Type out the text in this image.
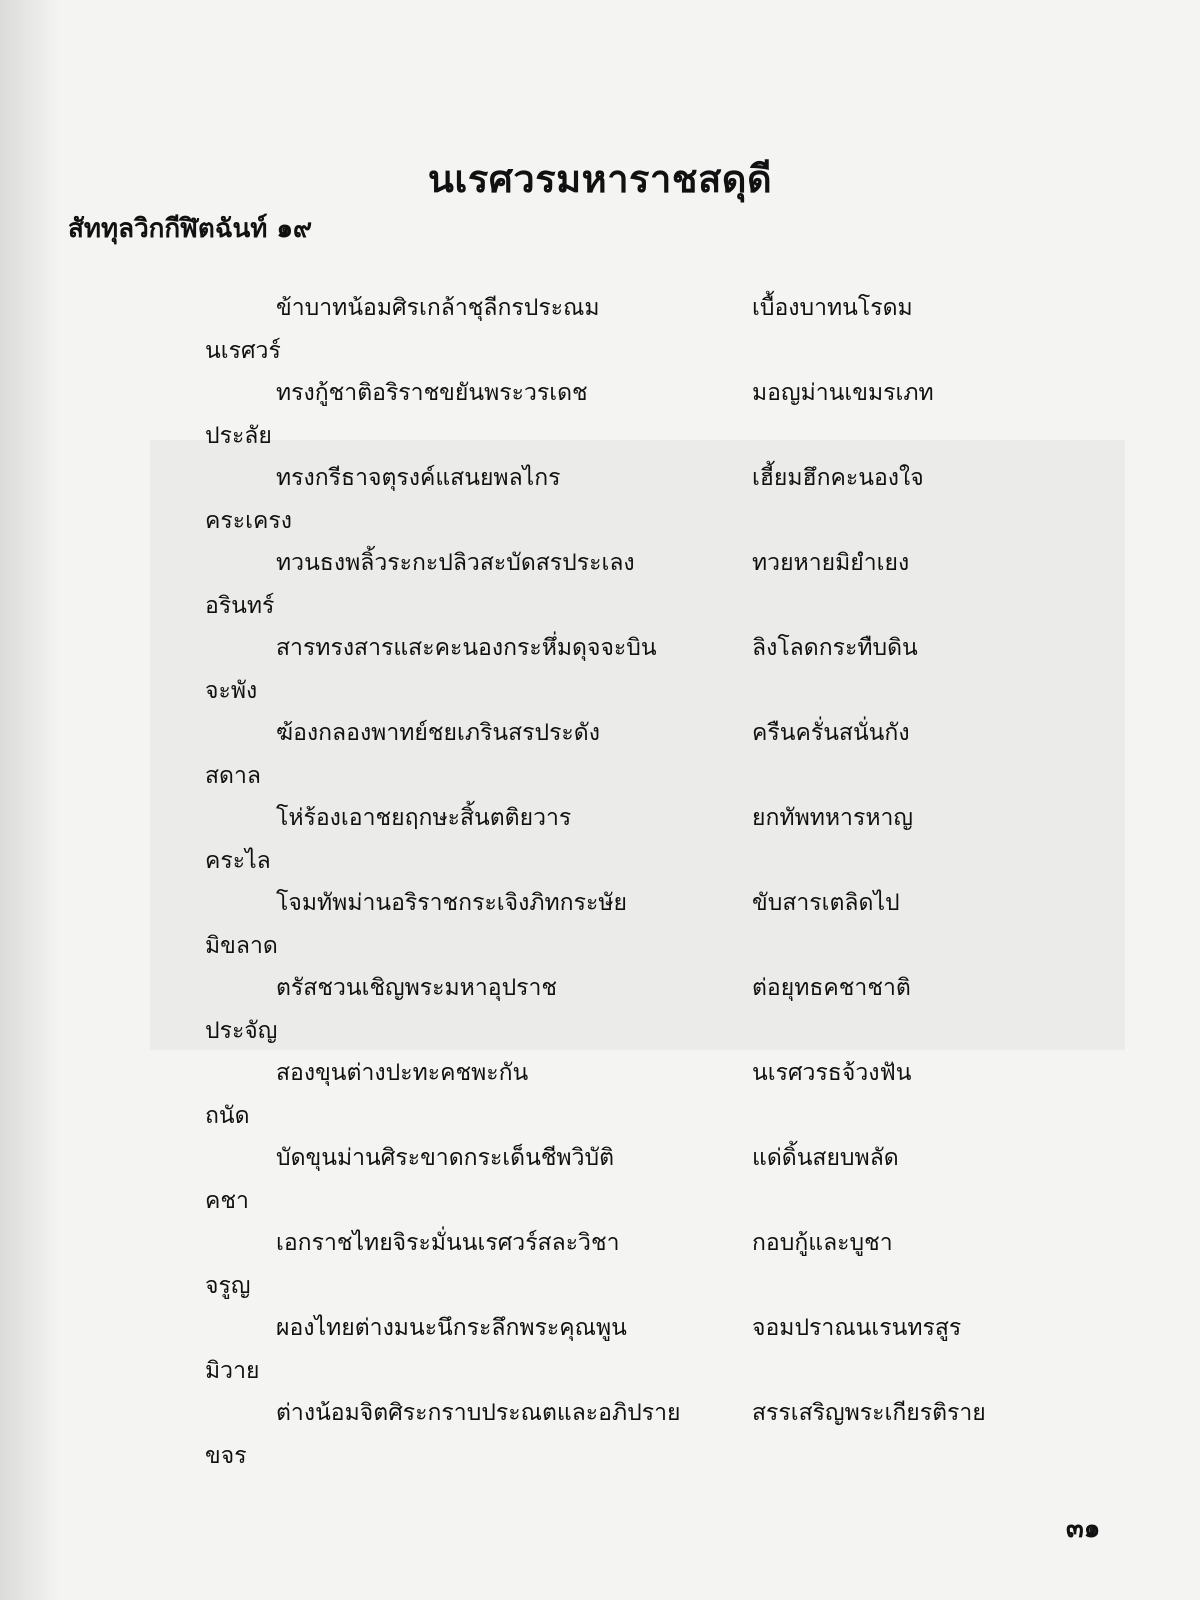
นเรศวรมหาราชสดุดี
สัททุลวิกกีฬิตฉันท์ ๑๙
ข้าบาทน้อมศิรเกล้าชุลีกรประณม	เบื้องบาทนโรดม
นเรศวร์
ทรงกู้ชาติอริราชขยันพระวรเดช	มอญม่านเขมรเภท
ประลัย
ทรงกรีธาจตุรงค์แสนยพลไกร	เฮี้ยมฮึกคะนองใจ
คระเครง
ทวนธงพลิ้วระกะปลิวสะบัดสรประเลง	ทวยหายมิยำเยง
อรินทร์
สารทรงสารแสะคะนองกระหึ่มดุจจะบิน	ลิงโลดกระทืบดิน
จะพัง
ฆ้องกลองพาทย์ชยเภรินสรประดัง	ครืนครั่นสนั่นกัง
สดาล
โห่ร้องเอาชยฤกษะสิ้นตติยวาร	ยกทัพทหารหาญ
คระไล
โจมทัพม่านอริราชกระเจิงภิทกระษัย	ขับสารเตลิดไป
มิขลาด
ตรัสชวนเชิญพระมหาอุปราช	ต่อยุทธคชาชาติ
ประจัญ
สองขุนต่างปะทะคชพะกัน	นเรศวรธจ้วงฟัน
ถนัด
บัดขุนม่านศิระขาดกระเด็นชีพวิบัติ	แด่ดิ้นสยบพลัด
คชา
เอกราชไทยจิระมั่นนเรศวร์สละวิชา	กอบกู้และบูชา
จรูญ
ผองไทยต่างมนะนึกระลึกพระคุณพูน	จอมปราณนเรนทรสูร
มิวาย
ต่างน้อมจิตศิระกราบประณตและอภิปราย	สรรเสริญพระเกียรติราย
ขจร
๓๑
